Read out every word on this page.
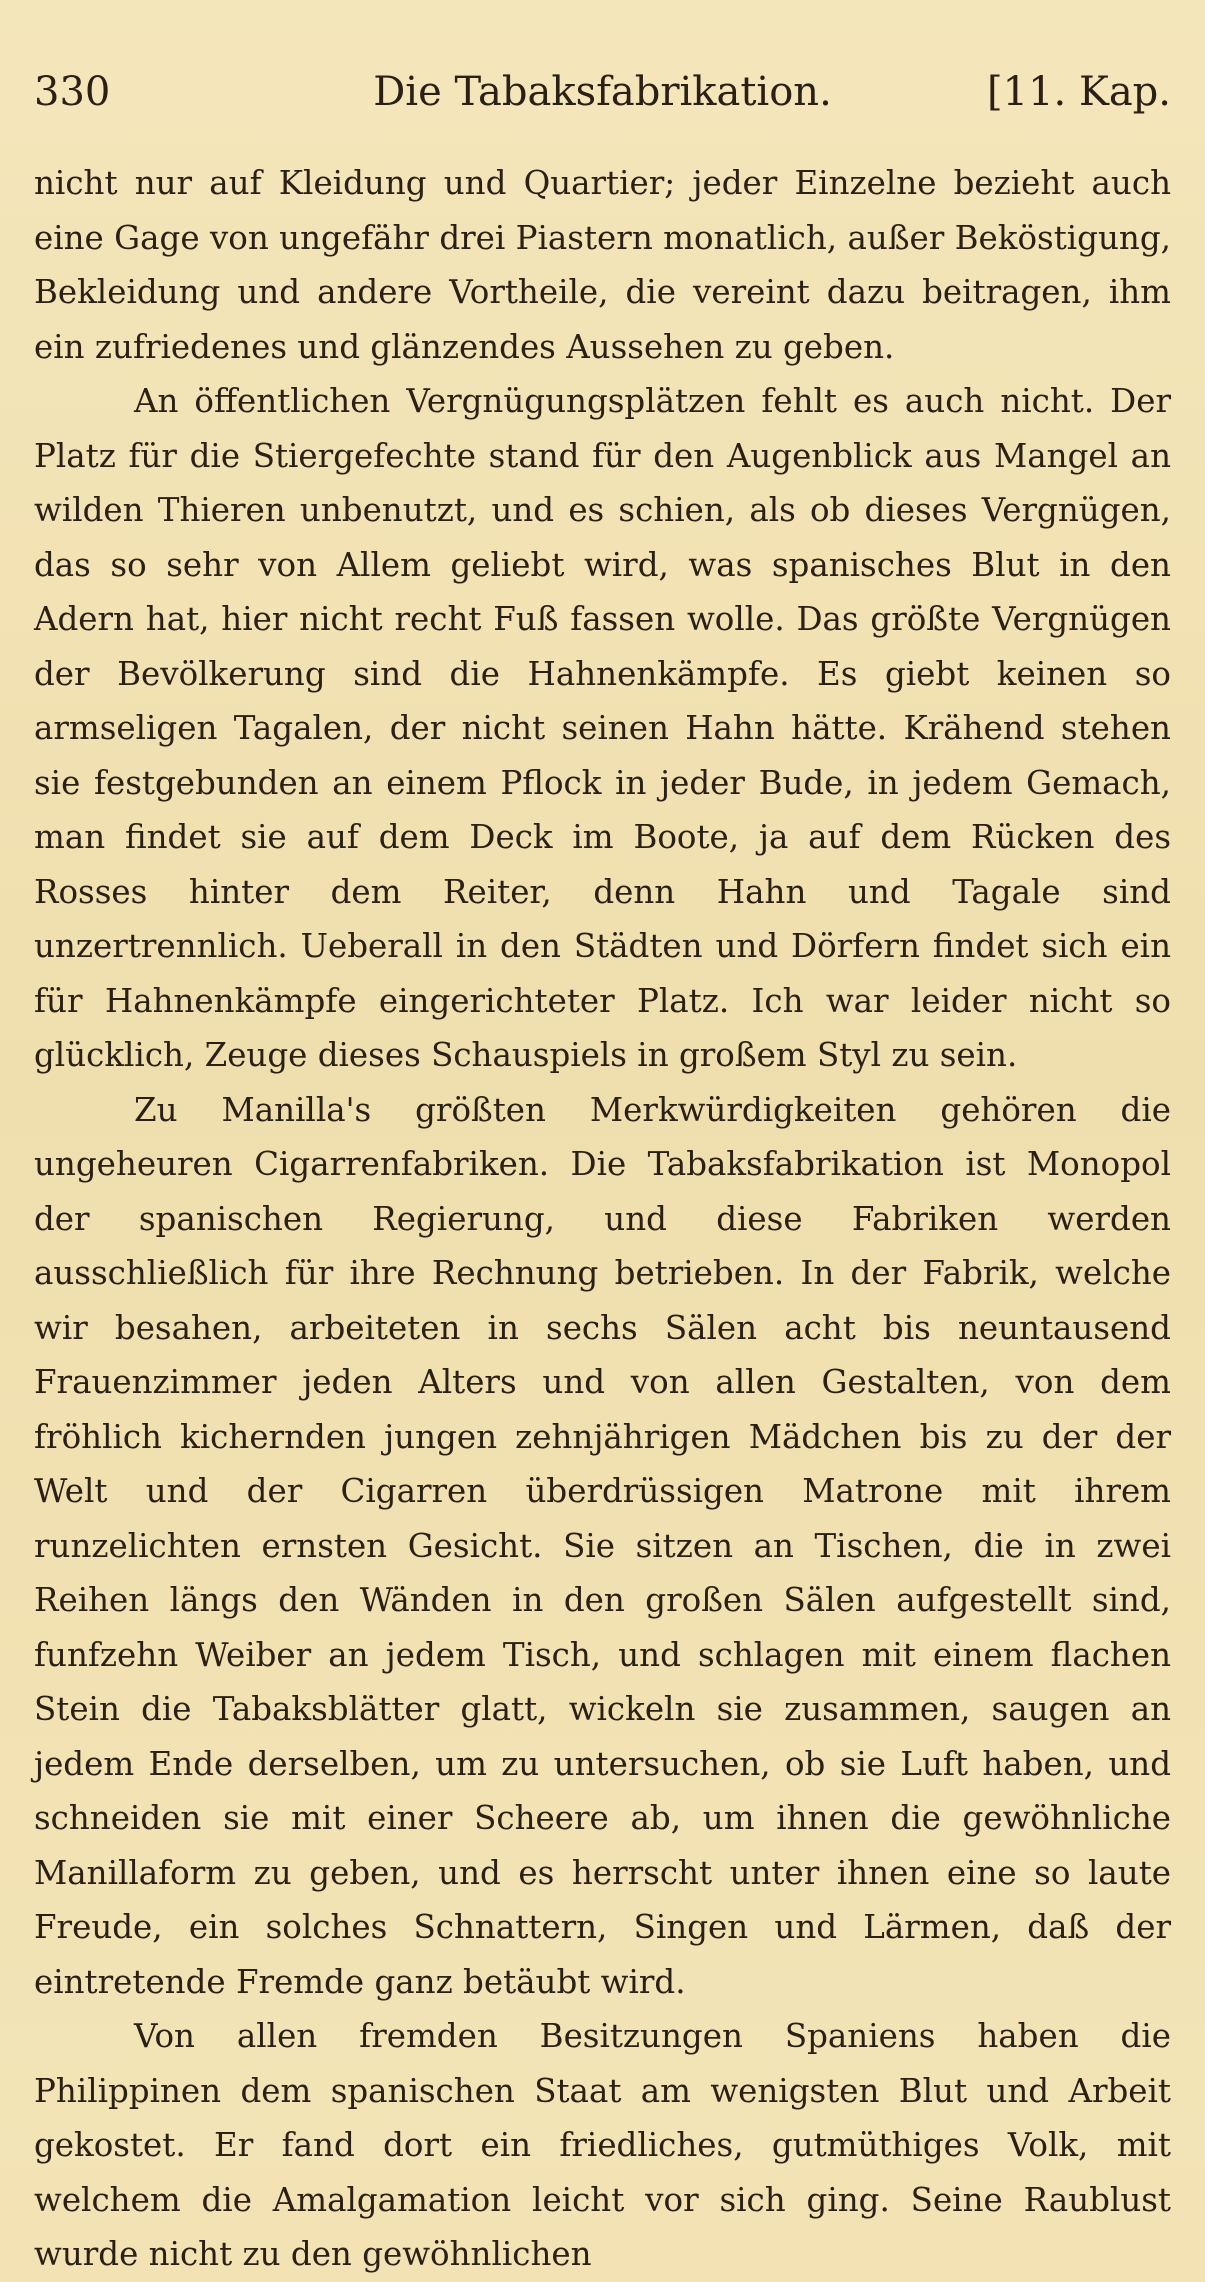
330	Die Tabaksfabrikation.	[11. Kap.

nicht nur auf Kleidung und Quartier; jeder Einzelne bezieht auch eine Gage von ungefähr drei Piastern monatlich, außer Beköstigung, Bekleidung und andere Vortheile, die vereint dazu beitragen, ihm ein zufriedenes und glänzendes Aussehen zu geben.

An öffentlichen Vergnügungsplätzen fehlt es auch nicht. Der Platz für die Stiergefechte stand für den Augenblick aus Mangel an wilden Thieren unbenutzt, und es schien, als ob dieses Vergnügen, das so sehr von Allem geliebt wird, was spanisches Blut in den Adern hat, hier nicht recht Fuß fassen wolle. Das größte Vergnügen der Bevölkerung sind die Hahnenkämpfe. Es giebt keinen so armseligen Tagalen, der nicht seinen Hahn hätte. Krähend stehen sie festgebunden an einem Pflock in jeder Bude, in jedem Gemach, man findet sie auf dem Deck im Boote, ja auf dem Rücken des Rosses hinter dem Reiter, denn Hahn und Tagale sind unzertrennlich. Ueberall in den Städten und Dörfern findet sich ein für Hahnenkämpfe eingerichteter Platz. Ich war leider nicht so glücklich, Zeuge dieses Schauspiels in großem Styl zu sein.

Zu Manilla's größten Merkwürdigkeiten gehören die ungeheuren Cigarrenfabriken. Die Tabaksfabrikation ist Monopol der spanischen Regierung, und diese Fabriken werden ausschließlich für ihre Rechnung betrieben. In der Fabrik, welche wir besahen, arbeiteten in sechs Sälen acht bis neuntausend Frauenzimmer jeden Alters und von allen Gestalten, von dem fröhlich kichernden jungen zehnjährigen Mädchen bis zu der der Welt und der Cigarren überdrüssigen Matrone mit ihrem runzelichten ernsten Gesicht. Sie sitzen an Tischen, die in zwei Reihen längs den Wänden in den großen Sälen aufgestellt sind, funfzehn Weiber an jedem Tisch, und schlagen mit einem flachen Stein die Tabaksblätter glatt, wickeln sie zusammen, saugen an jedem Ende derselben, um zu untersuchen, ob sie Luft haben, und schneiden sie mit einer Scheere ab, um ihnen die gewöhnliche Manillaform zu geben, und es herrscht unter ihnen eine so laute Freude, ein solches Schnattern, Singen und Lärmen, daß der eintretende Fremde ganz betäubt wird.

Von allen fremden Besitzungen Spaniens haben die Philippinen dem spanischen Staat am wenigsten Blut und Arbeit gekostet. Er fand dort ein friedliches, gutmüthiges Volk, mit welchem die Amalgamation leicht vor sich ging. Seine Raublust wurde nicht zu den gewöhnlichen
